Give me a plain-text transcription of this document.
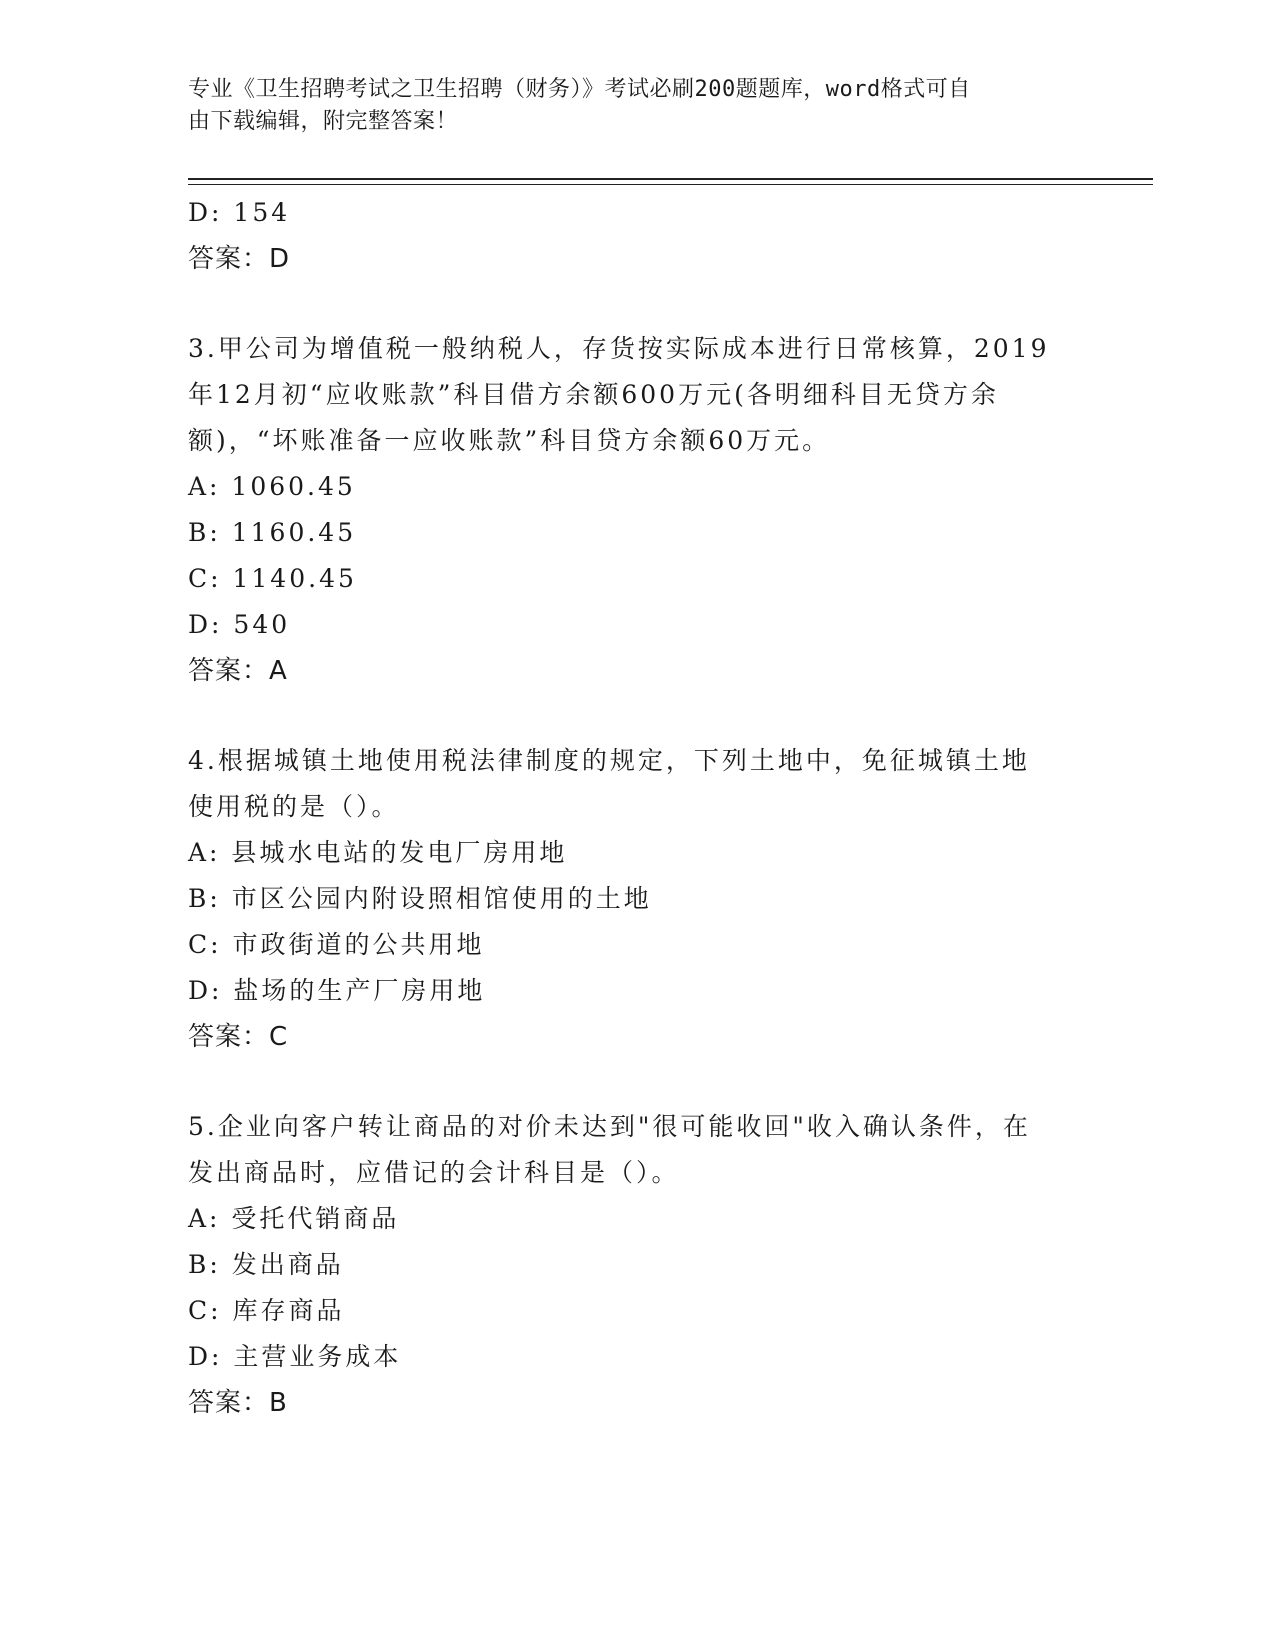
专业《卫生招聘考试之卫生招聘（财务）》考试必刷200题题库，word格式可自
由下载编辑，附完整答案！

D: 154

答案：D

3.甲公司为增值税一般纳税人，存货按实际成本进行日常核算，2019

年12月初“应收账款”科目借方余额600万元(各明细科目无贷方余

额)，“坏账准备一应收账款”科目贷方余额60万元。

A: 1060.45

B: 1160.45

C: 1140.45

D: 540

答案：A

4.根据城镇土地使用税法律制度的规定，下列土地中，免征城镇土地

使用税的是（）。

A: 县城水电站的发电厂房用地

B: 市区公园内附设照相馆使用的土地

C: 市政街道的公共用地

D: 盐场的生产厂房用地

答案：C

5.企业向客户转让商品的对价未达到"很可能收回"收入确认条件，在

发出商品时，应借记的会计科目是（）。

A: 受托代销商品

B: 发出商品

C: 库存商品

D: 主营业务成本

答案：B
